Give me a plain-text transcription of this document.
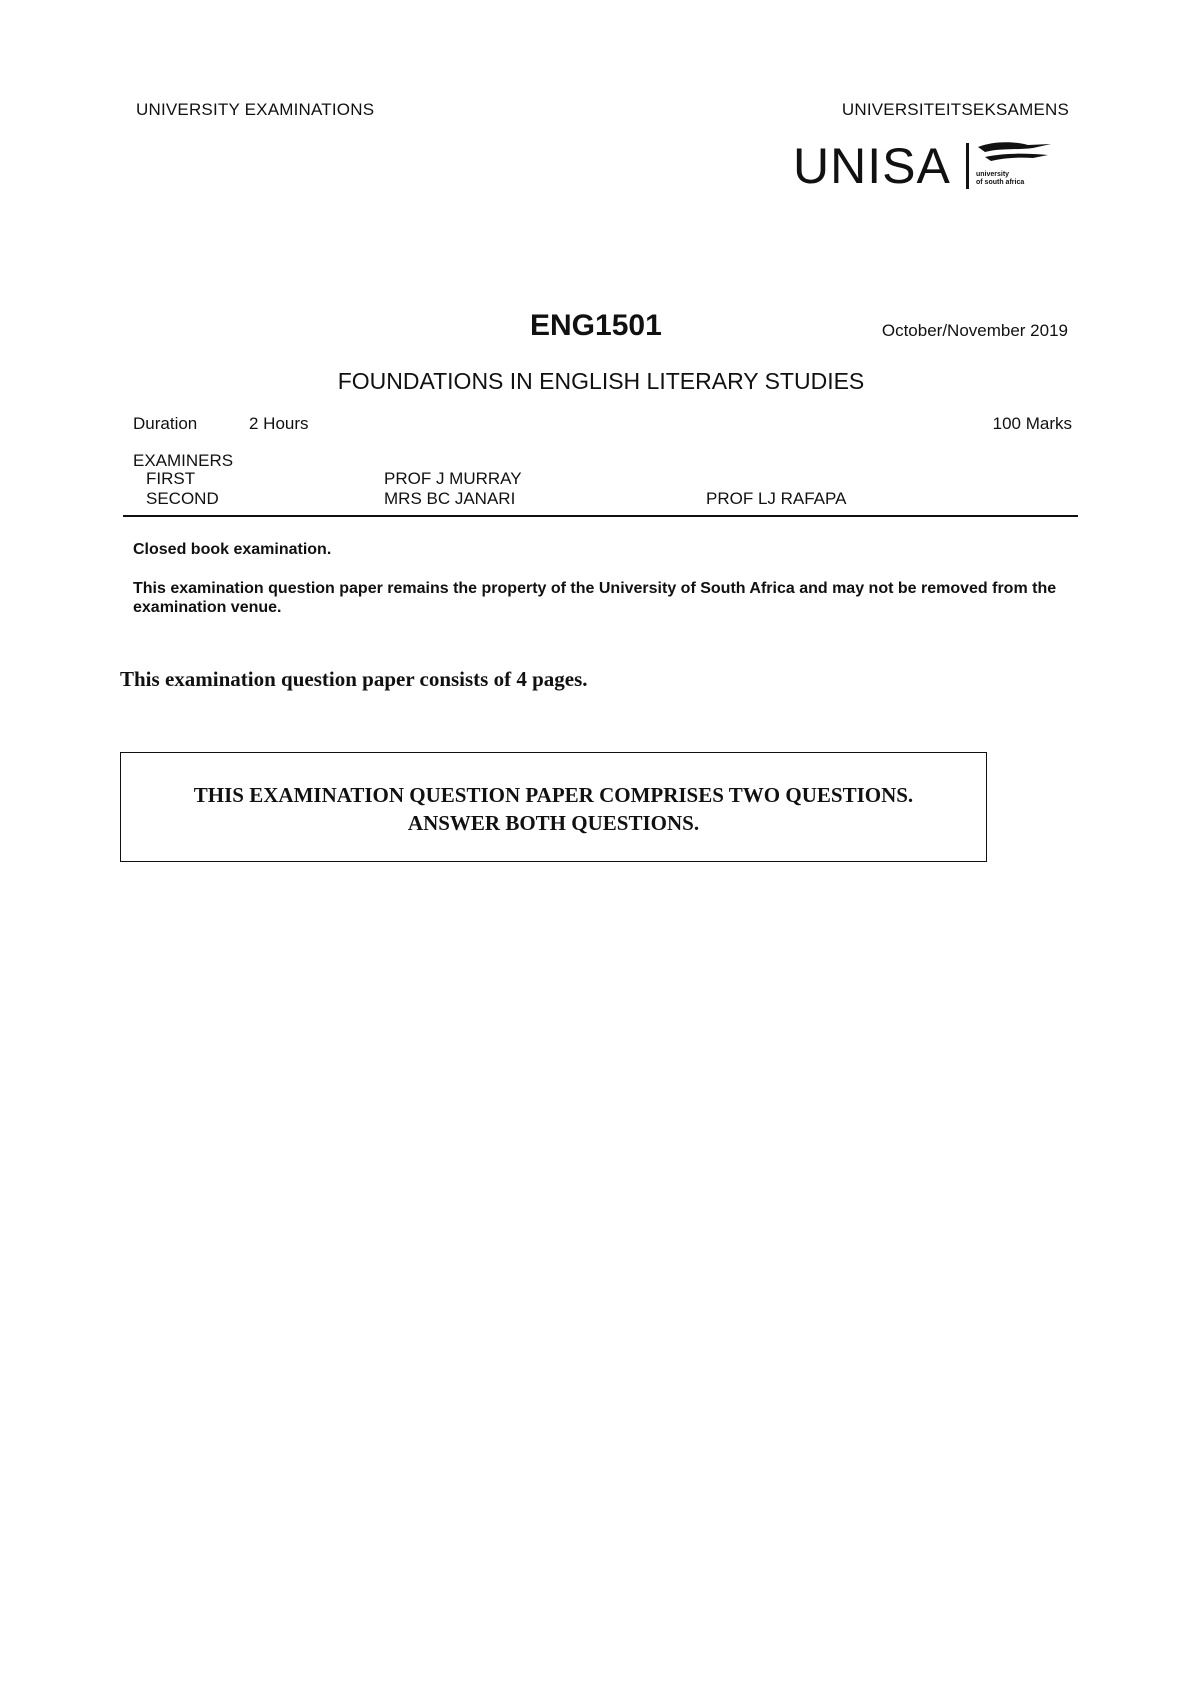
UNIVERSITY EXAMINATIONS	UNIVERSITEITSEKSAMENS
UNISA	university
of south africa
ENG1501	October/November 2019
FOUNDATIONS IN ENGLISH LITERARY STUDIES
Duration	2 Hours	100 Marks
EXAMINERS
FIRST	PROF J MURRAY
SECOND	MRS BC JANARI	PROF LJ RAFAPA
Closed book examination.
This examination question paper remains the property of the University of South Africa and may not be removed from the examination venue.
This examination question paper consists of 4 pages.
THIS EXAMINATION QUESTION PAPER COMPRISES TWO QUESTIONS.
ANSWER BOTH QUESTIONS.
